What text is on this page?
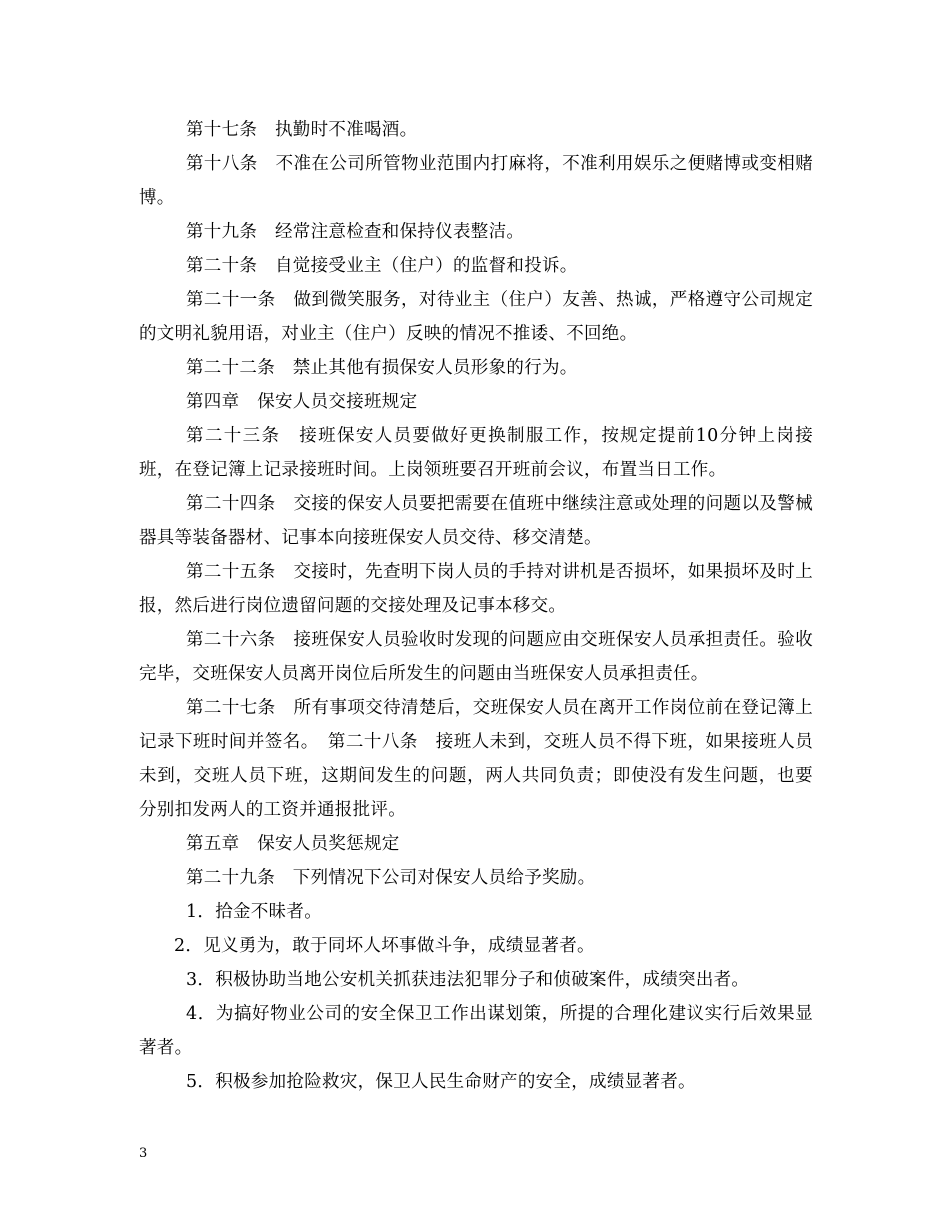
第十七条　执勤时不准喝酒。

第十八条　不准在公司所管物业范围内打麻将，不准利用娱乐之便赌博或变相赌博。

第十九条　经常注意检查和保持仪表整洁。

第二十条　自觉接受业主（住户）的监督和投诉。

第二十一条　做到微笑服务，对待业主（住户）友善、热诚，严格遵守公司规定的文明礼貌用语，对业主（住户）反映的情况不推诿、不回绝。

第二十二条　禁止其他有损保安人员形象的行为。

第四章　保安人员交接班规定

第二十三条　接班保安人员要做好更换制服工作，按规定提前10分钟上岗接班，在登记簿上记录接班时间。上岗领班要召开班前会议，布置当日工作。

第二十四条　交接的保安人员要把需要在值班中继续注意或处理的问题以及警械器具等装备器材、记事本向接班保安人员交待、移交清楚。

第二十五条　交接时，先查明下岗人员的手持对讲机是否损坏，如果损坏及时上报，然后进行岗位遗留问题的交接处理及记事本移交。

第二十六条　接班保安人员验收时发现的问题应由交班保安人员承担责任。验收完毕，交班保安人员离开岗位后所发生的问题由当班保安人员承担责任。

第二十七条　所有事项交待清楚后，交班保安人员在离开工作岗位前在登记簿上记录下班时间并签名。　第二十八条　接班人未到，交班人员不得下班，如果接班人员未到，交班人员下班，这期间发生的问题，两人共同负责；即使没有发生问题，也要分别扣发两人的工资并通报批评。

第五章　保安人员奖惩规定

第二十九条　下列情况下公司对保安人员给予奖励。

1．拾金不昧者。

2．见义勇为，敢于同坏人坏事做斗争，成绩显著者。

3．积极协助当地公安机关抓获违法犯罪分子和侦破案件，成绩突出者。

4．为搞好物业公司的安全保卫工作出谋划策，所提的合理化建议实行后效果显著者。

5．积极参加抢险救灾，保卫人民生命财产的安全，成绩显著者。

3
